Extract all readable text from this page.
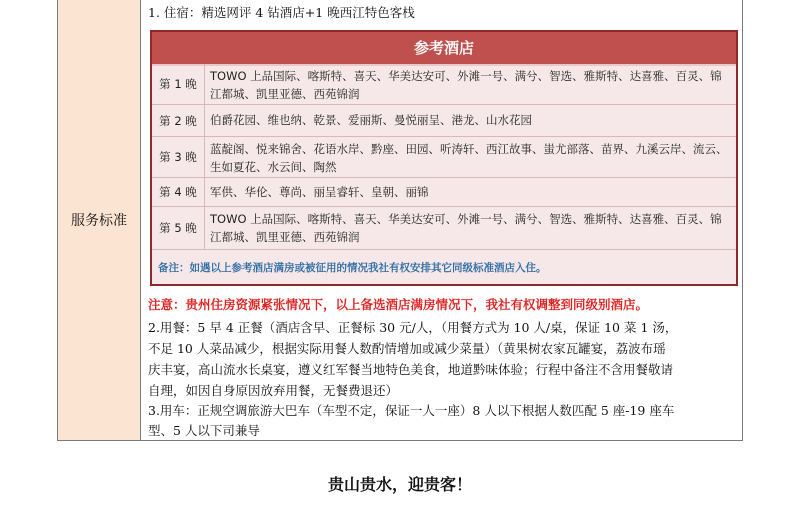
服务标准
1. 住宿：精选网评 4 钻酒店+1 晚西江特色客栈
参考酒店
第 1 晚
TOWO 上品国际、喀斯特、喜天、华美达安可、外滩一号、满兮、智选、雅斯特、达喜雅、百灵、锦江都城、凯里亚德、西苑锦润
第 2 晚	伯爵花园、维也纳、乾景、爱丽斯、曼悦丽呈、港龙、山水花园
第 3 晚
蓝靛阁、悦来锦舍、花语水岸、黔座、田园、听涛轩、西江故事、蚩尤部落、苗界、九溪云岸、流云、生如夏花、水云间、陶然
第 4 晚	军供、华伦、尊尚、丽呈睿轩、皇朝、丽锦
第 5 晚
TOWO 上品国际、喀斯特、喜天、华美达安可、外滩一号、满兮、智选、雅斯特、达喜雅、百灵、锦江都城、凯里亚德、西苑锦润
备注：如遇以上参考酒店满房或被征用的情况我社有权安排其它同级标准酒店入住。
注意：贵州住房资源紧张情况下，以上备选酒店满房情况下，我社有权调整到同级别酒店。
2.用餐：5 早 4 正餐（酒店含早、正餐标 30 元/人，（用餐方式为 10 人/桌，保证 10 菜 1 汤，
不足 10 人菜品减少，根据实际用餐人数酌情增加或减少菜量）（黄果树农家瓦罐宴，荔波布瑶
庆丰宴，高山流水长桌宴，遵义红军餐当地特色美食，地道黔味体验；行程中备注不含用餐敬请
自理，如因自身原因放弃用餐，无餐费退还）
3.用车：正规空调旅游大巴车（车型不定，保证一人一座）8 人以下根据人数匹配 5 座-19 座车
型、5 人以下司兼导
贵山贵水，迎贵客！
